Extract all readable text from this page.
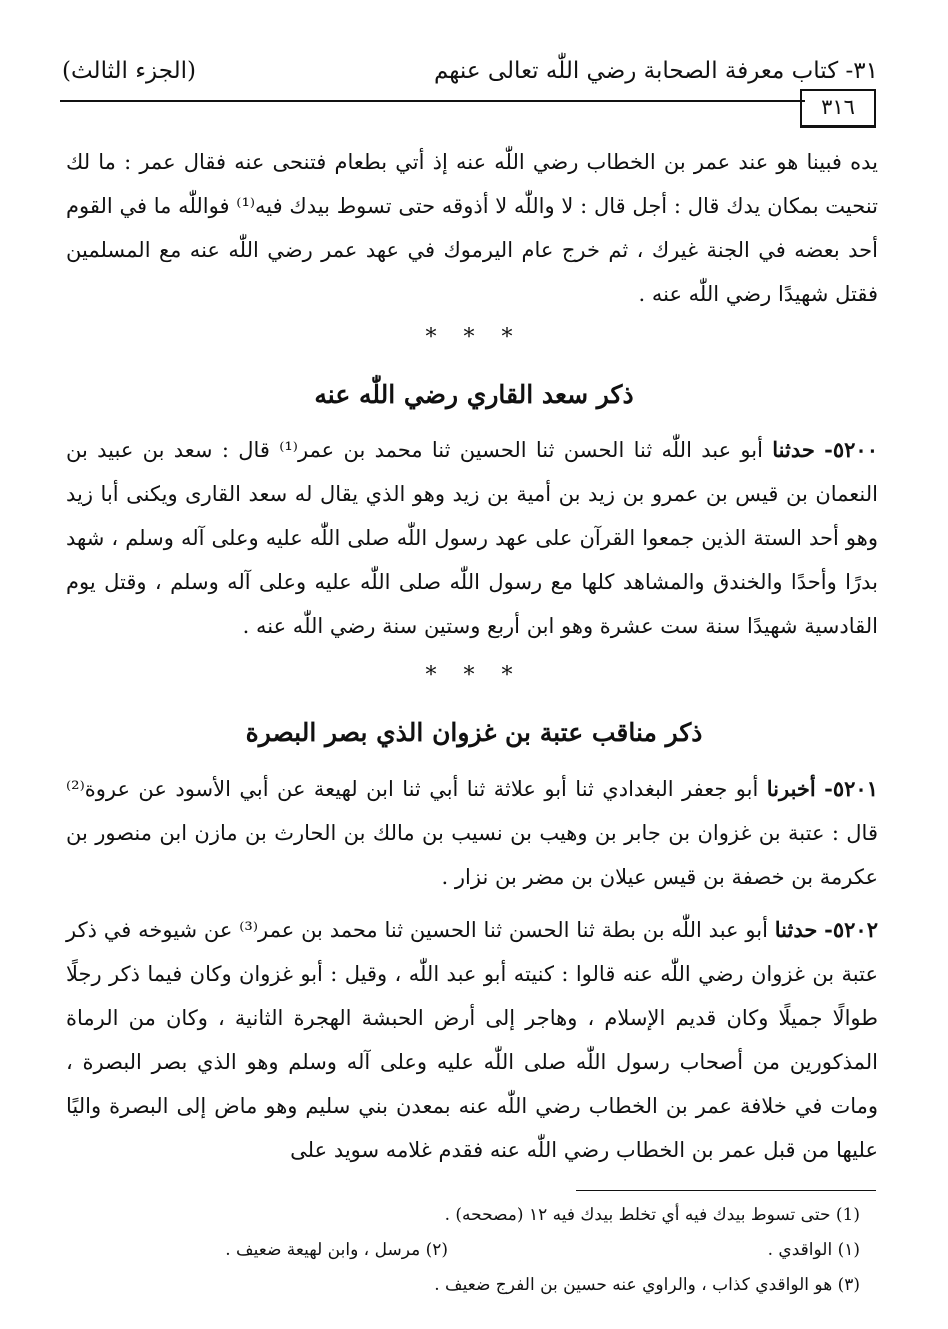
٣١- كتاب معرفة الصحابة رضي اللّٰه تعالى عنهم
(الجزء الثالث)
٣١٦
يده فبينا هو عند عمر بن الخطاب رضي اللّٰه عنه إذ أتي بطعام فتنحى عنه فقال عمر : ما لك تنحيت بمكان يدك قال : أجل قال : لا واللّٰه لا أذوقه حتى تسوط بيدك فيه⁽¹⁾ فواللّٰه ما في القوم أحد بعضه في الجنة غيرك ، ثم خرج عام اليرموك في عهد عمر رضي اللّٰه عنه مع المسلمين فقتل شهيدًا رضي اللّٰه عنه .
* * *
ذكر سعد القاري رضي اللّٰه عنه
٥٢٠٠- حدثنا أبو عبد اللّٰه ثنا الحسن ثنا الحسين ثنا محمد بن عمر⁽¹⁾ قال : سعد بن عبيد بن النعمان بن قيس بن عمرو بن زيد بن أمية بن زيد وهو الذي يقال له سعد القارى ويكنى أبا زيد وهو أحد الستة الذين جمعوا القرآن على عهد رسول اللّٰه صلى اللّٰه عليه وعلى آله وسلم ، شهد بدرًا وأحدًا والخندق والمشاهد كلها مع رسول اللّٰه صلى اللّٰه عليه وعلى آله وسلم ، وقتل يوم القادسية شهيدًا سنة ست عشرة وهو ابن أربع وستين سنة رضي اللّٰه عنه .
* * *
ذكر مناقب عتبة بن غزوان الذي بصر البصرة
٥٢٠١- أخبرنا أبو جعفر البغدادي ثنا أبو علاثة ثنا أبي ثنا ابن لهيعة عن أبي الأسود عن عروة⁽²⁾ قال : عتبة بن غزوان بن جابر بن وهيب بن نسيب بن مالك بن الحارث بن مازن ابن منصور بن عكرمة بن خصفة بن قيس عيلان بن مضر بن نزار .
٥٢٠٢- حدثنا أبو عبد اللّٰه بن بطة ثنا الحسن ثنا الحسين ثنا محمد بن عمر⁽³⁾ عن شيوخه في ذكر عتبة بن غزوان رضي اللّٰه عنه قالوا : كنيته أبو عبد اللّٰه ، وقيل : أبو غزوان وكان فيما ذكر رجلًا طوالًا جميلًا وكان قديم الإسلام ، وهاجر إلى أرض الحبشة الهجرة الثانية ، وكان من الرماة المذكورين من أصحاب رسول اللّٰه صلى اللّٰه عليه وعلى آله وسلم وهو الذي بصر البصرة ، ومات في خلافة عمر بن الخطاب رضي اللّٰه عنه بمعدن بني سليم وهو ماض إلى البصرة واليًا عليها من قبل عمر بن الخطاب رضي اللّٰه عنه فقدم غلامه سويد على
(1) حتى تسوط بيدك فيه أي تخلط بيدك فيه ١٢ (مصححه) .
(١) الواقدي .
(٢) مرسل ، وابن لهيعة ضعيف .
(٣) هو الواقدي كذاب ، والراوي عنه حسين بن الفرج ضعيف .
